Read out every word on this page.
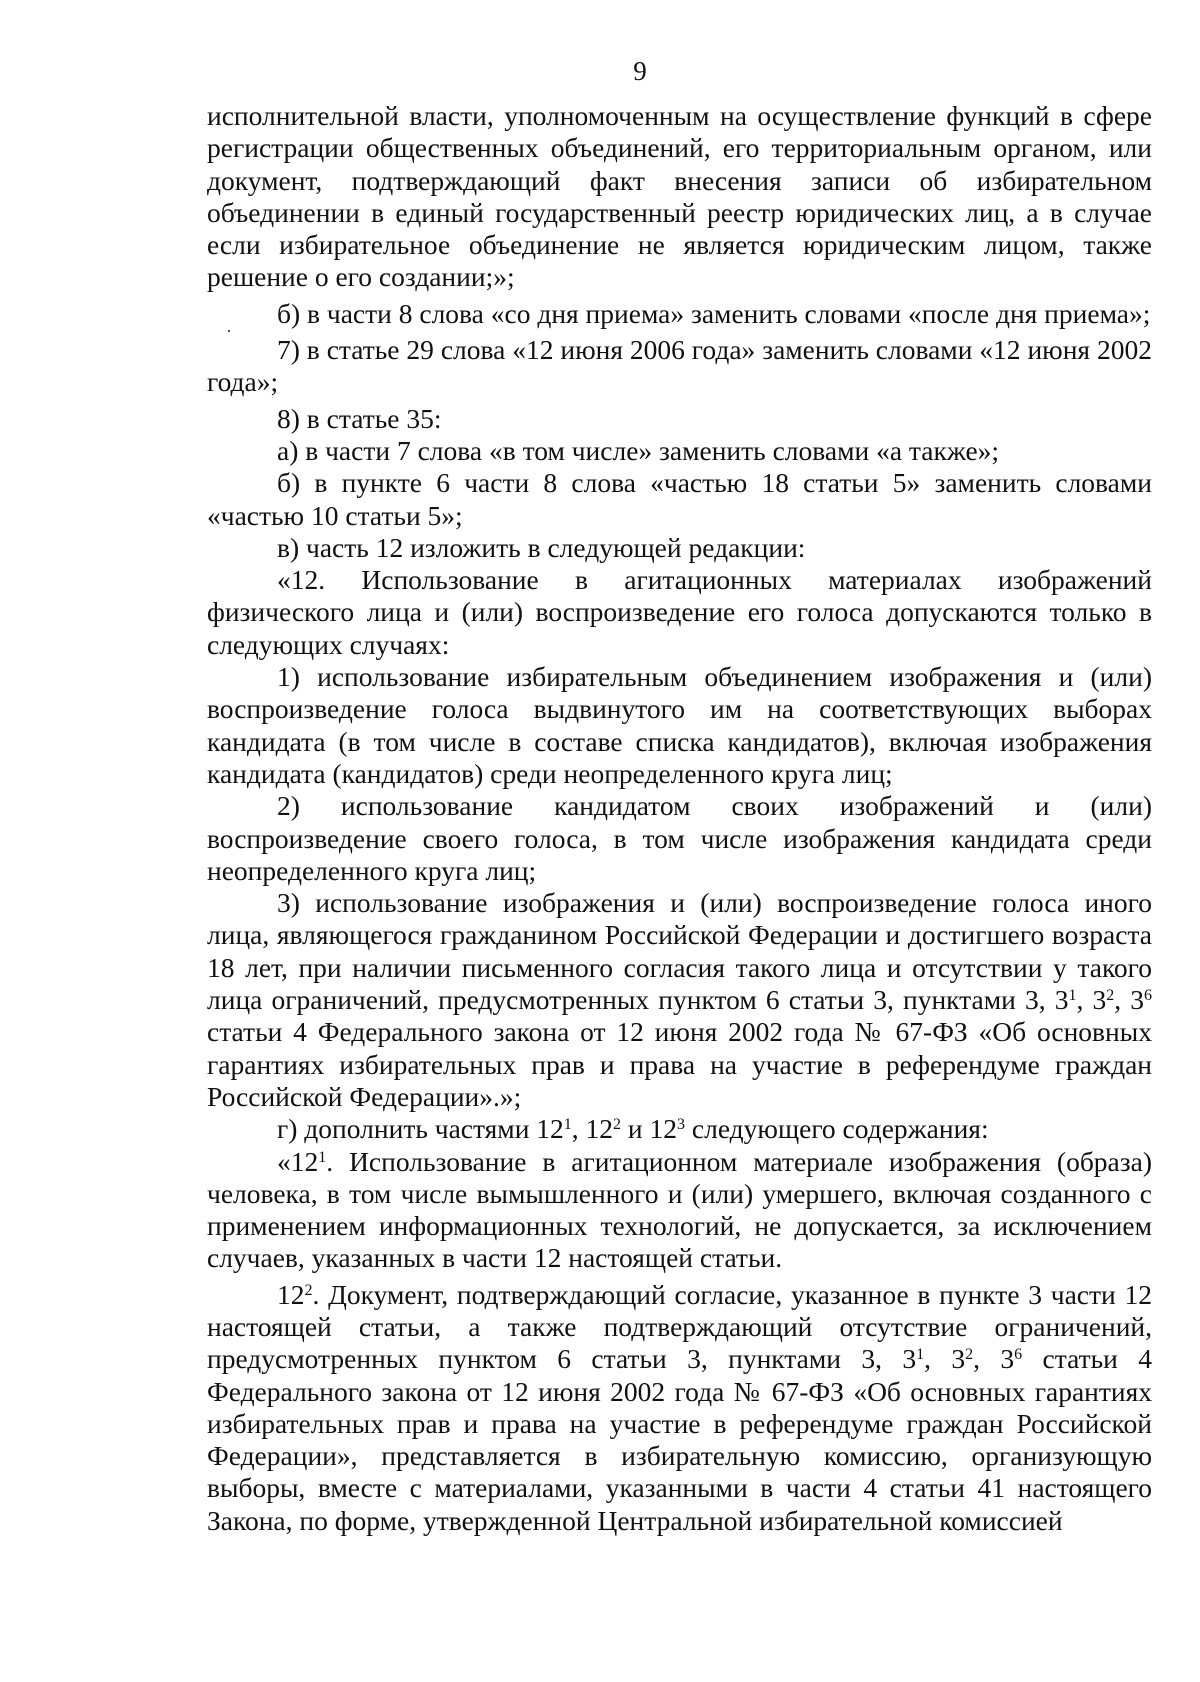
9

исполнительной власти, уполномоченным на осуществление функций в сфере регистрации общественных объединений, его территориальным органом, или документ, подтверждающий факт внесения записи об избирательном объединении в единый государственный реестр юридических лиц, а в случае если избирательное объединение не является юридическим лицом, также решение о его создании;»;

б) в части 8 слова «со дня приема» заменить словами «после дня приема»;

7) в статье 29 слова «12 июня 2006 года» заменить словами «12 июня 2002 года»;

8) в статье 35:

а) в части 7 слова «в том числе» заменить словами «а также»;

б) в пункте 6 части 8 слова «частью 18 статьи 5» заменить словами «частью 10 статьи 5»;

в) часть 12 изложить в следующей редакции:

«12. Использование в агитационных материалах изображений физического лица и (или) воспроизведение его голоса допускаются только в следующих случаях:

1) использование избирательным объединением изображения и (или) воспроизведение голоса выдвинутого им на соответствующих выборах кандидата (в том числе в составе списка кандидатов), включая изображения кандидата (кандидатов) среди неопределенного круга лиц;

2) использование кандидатом своих изображений и (или) воспроизведение своего голоса, в том числе изображения кандидата среди неопределенного круга лиц;

3) использование изображения и (или) воспроизведение голоса иного лица, являющегося гражданином Российской Федерации и достигшего возраста 18 лет, при наличии письменного согласия такого лица и отсутствии у такого лица ограничений, предусмотренных пунктом 6 статьи 3, пунктами 3, $3^1$, $3^2$, $3^6$ статьи 4 Федерального закона от 12 июня 2002 года № 67-ФЗ «Об основных гарантиях избирательных прав и права на участие в референдуме граждан Российской Федерации».»;

г) дополнить частями $12^1$, $12^2$ и $12^3$ следующего содержания:

«$12^1$. Использование в агитационном материале изображения (образа) человека, в том числе вымышленного и (или) умершего, включая созданного с применением информационных технологий, не допускается, за исключением случаев, указанных в части 12 настоящей статьи.

$12^2$. Документ, подтверждающий согласие, указанное в пункте 3 части 12 настоящей статьи, а также подтверждающий отсутствие ограничений, предусмотренных пунктом 6 статьи 3, пунктами 3, $3^1$, $3^2$, $3^6$ статьи 4 Федерального закона от 12 июня 2002 года № 67-ФЗ «Об основных гарантиях избирательных прав и права на участие в референдуме граждан Российской Федерации», представляется в избирательную комиссию, организующую выборы, вместе с материалами, указанными в части 4 статьи 41 настоящего Закона, по форме, утвержденной Центральной избирательной комиссией
